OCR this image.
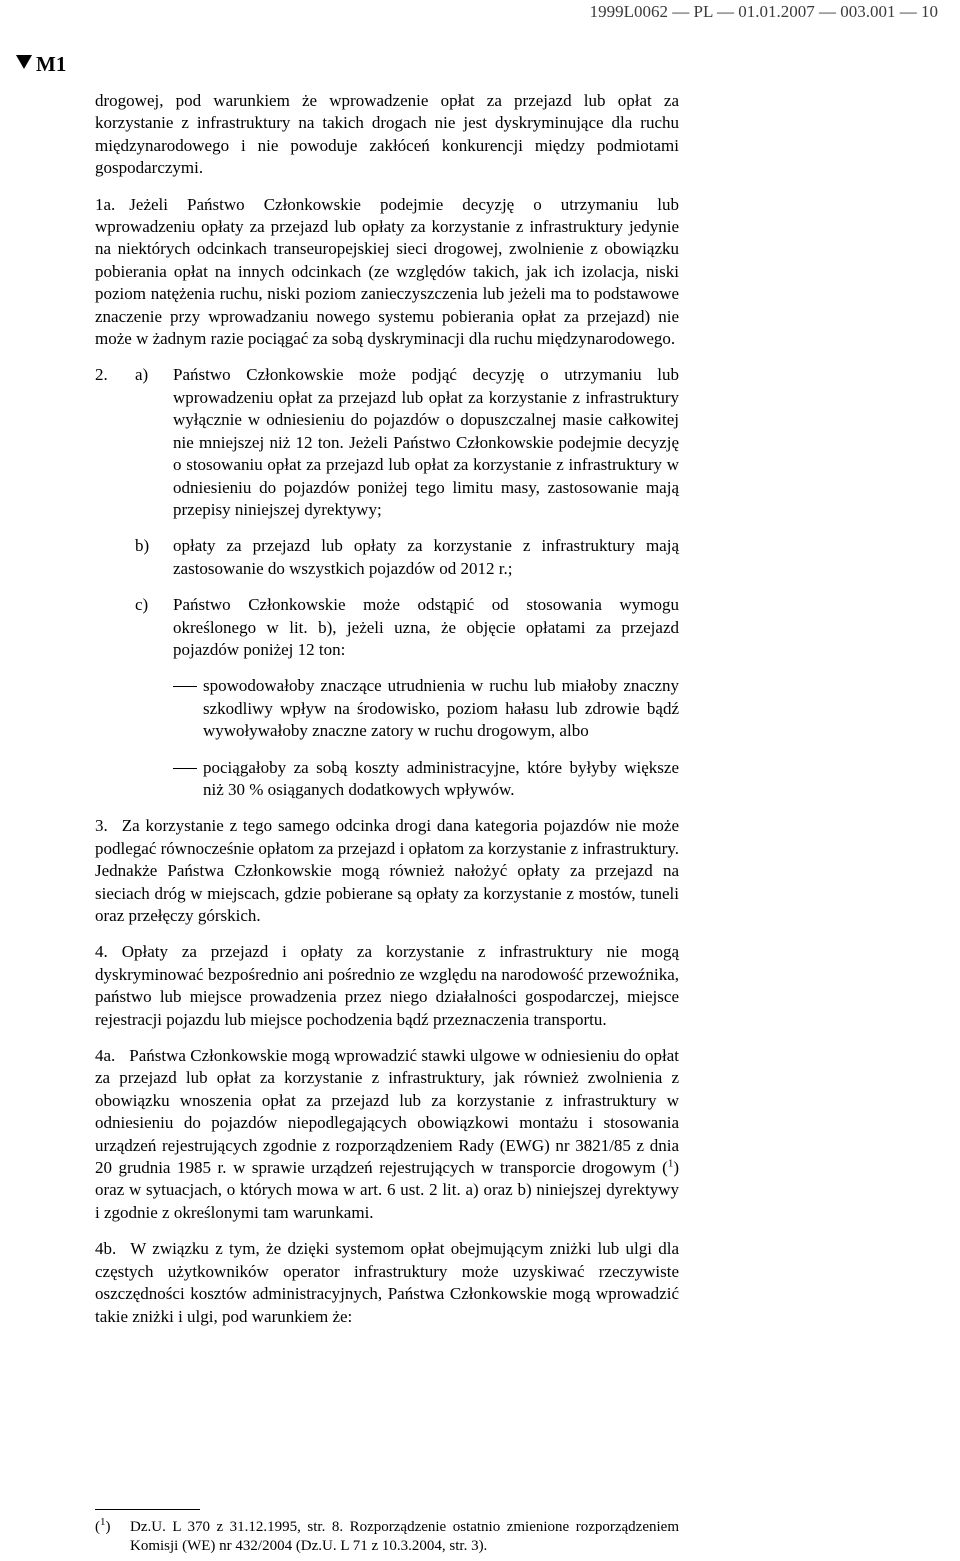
1999L0062 — PL — 01.01.2007 — 003.001 — 10
M1

drogowej, pod warunkiem że wprowadzenie opłat za przejazd lub opłat za korzystanie z infrastruktury na takich drogach nie jest dyskryminujące dla ruchu międzynarodowego i nie powoduje zakłóceń konkurencji między podmiotami gospodarczymi.

1a. Jeżeli Państwo Członkowskie podejmie decyzję o utrzymaniu lub wprowadzeniu opłaty za przejazd lub opłaty za korzystanie z infrastruktury jedynie na niektórych odcinkach transeuropejskiej sieci drogowej, zwolnienie z obowiązku pobierania opłat na innych odcinkach (ze względów takich, jak ich izolacja, niski poziom natężenia ruchu, niski poziom zanieczyszczenia lub jeżeli ma to podstawowe znaczenie przy wprowadzaniu nowego systemu pobierania opłat za przejazd) nie może w żadnym razie pociągać za sobą dyskryminacji dla ruchu międzynarodowego.

2.	a)	Państwo Członkowskie może podjąć decyzję o utrzymaniu lub wprowadzeniu opłat za przejazd lub opłat za korzystanie z infrastruktury wyłącznie w odniesieniu do pojazdów o dopuszczalnej masie całkowitej nie mniejszej niż 12 ton. Jeżeli Państwo Członkowskie podejmie decyzję o stosowaniu opłat za przejazd lub opłat za korzystanie z infrastruktury w odniesieniu do pojazdów poniżej tego limitu masy, zastosowanie mają przepisy niniejszej dyrektywy;
b)	opłaty za przejazd lub opłaty za korzystanie z infrastruktury mają zastosowanie do wszystkich pojazdów od 2012 r.;
c)	Państwo Członkowskie może odstąpić od stosowania wymogu określonego w lit. b), jeżeli uzna, że objęcie opłatami za przejazd pojazdów poniżej 12 ton:
spowodowałoby znaczące utrudnienia w ruchu lub miałoby znaczny szkodliwy wpływ na środowisko, poziom hałasu lub zdrowie bądź wywoływałoby znaczne zatory w ruchu drogowym, albo
pociągałoby za sobą koszty administracyjne, które byłyby większe niż 30 % osiąganych dodatkowych wpływów.

3. Za korzystanie z tego samego odcinka drogi dana kategoria pojazdów nie może podlegać równocześnie opłatom za przejazd i opłatom za korzystanie z infrastruktury. Jednakże Państwa Członkowskie mogą również nałożyć opłaty za przejazd na sieciach dróg w miejscach, gdzie pobierane są opłaty za korzystanie z mostów, tuneli oraz przełęczy górskich.

4. Opłaty za przejazd i opłaty za korzystanie z infrastruktury nie mogą dyskryminować bezpośrednio ani pośrednio ze względu na narodowość przewoźnika, państwo lub miejsce prowadzenia przez niego działalności gospodarczej, miejsce rejestracji pojazdu lub miejsce pochodzenia bądź przeznaczenia transportu.

4a. Państwa Członkowskie mogą wprowadzić stawki ulgowe w odniesieniu do opłat za przejazd lub opłat za korzystanie z infrastruktury, jak również zwolnienia z obowiązku wnoszenia opłat za przejazd lub za korzystanie z infrastruktury w odniesieniu do pojazdów niepodlegających obowiązkowi montażu i stosowania urządzeń rejestrujących zgodnie z rozporządzeniem Rady (EWG) nr 3821/85 z dnia 20 grudnia 1985 r. w sprawie urządzeń rejestrujących w transporcie drogowym ($^1$) oraz w sytuacjach, o których mowa w art. 6 ust. 2 lit. a) oraz b) niniejszej dyrektywy i zgodnie z określonymi tam warunkami.

4b. W związku z tym, że dzięki systemom opłat obejmującym zniżki lub ulgi dla częstych użytkowników operator infrastruktury może uzyskiwać rzeczywiste oszczędności kosztów administracyjnych, Państwa Członkowskie mogą wprowadzić takie zniżki i ulgi, pod warunkiem że:

($^1$)	Dz.U. L 370 z 31.12.1995, str. 8. Rozporządzenie ostatnio zmienione rozporządzeniem Komisji (WE) nr 432/2004 (Dz.U. L 71 z 10.3.2004, str. 3).
